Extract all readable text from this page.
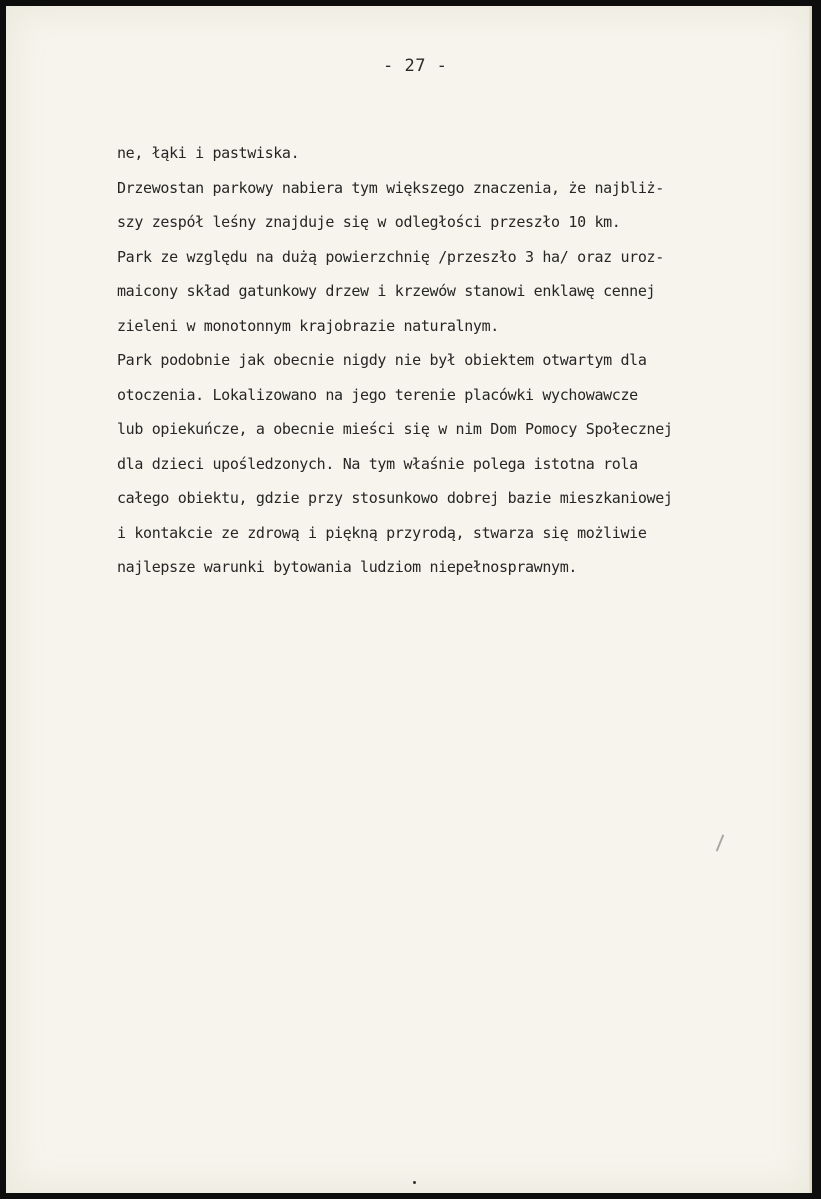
- 27 -
ne, łąki i pastwiska.
Drzewostan parkowy nabiera tym większego znaczenia, że najbliż-
szy zespół leśny znajduje się w odległości przeszło 10 km.
Park ze względu na dużą powierzchnię /przeszło 3 ha/ oraz uroz-
maicony skład gatunkowy drzew i krzewów stanowi enklawę cennej
zieleni w monotonnym krajobrazie naturalnym.
Park podobnie jak obecnie nigdy nie był obiektem otwartym dla
otoczenia. Lokalizowano na jego terenie placówki wychowawcze
lub opiekuńcze, a obecnie mieści się w nim Dom Pomocy Społecznej
dla dzieci upośledzonych. Na tym właśnie polega istotna rola
całego obiektu, gdzie przy stosunkowo dobrej bazie mieszkaniowej
i kontakcie ze zdrową i piękną przyrodą, stwarza się możliwie
najlepsze warunki bytowania ludziom niepełnosprawnym.
